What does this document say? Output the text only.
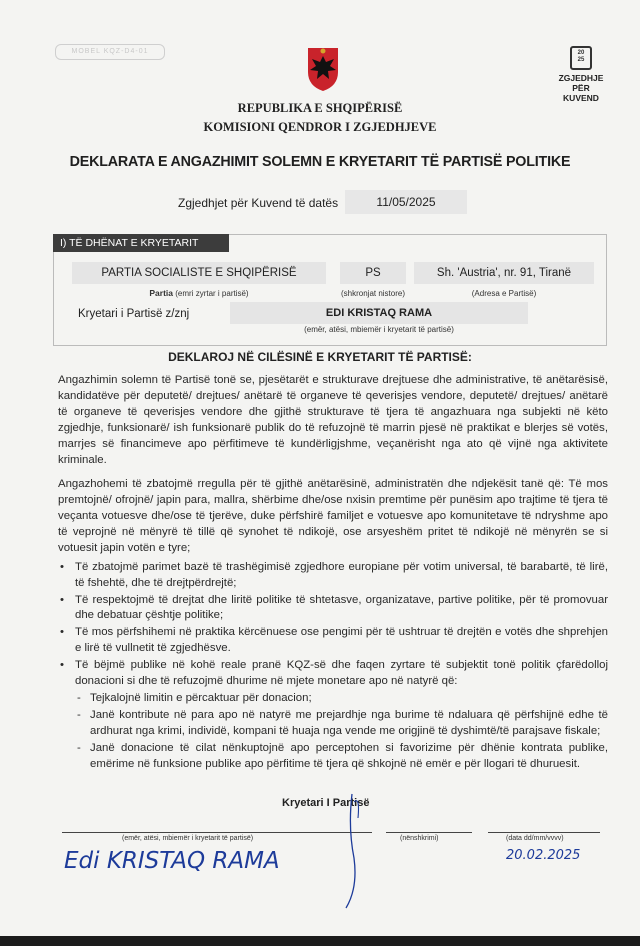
MOBEL KQZ-D4-01	20
25
ZGJEDHJE
PËR KUVEND
REPUBLIKA E SHQIPËRISË
KOMISIONI QENDROR I ZGJEDHJEVE
DEKLARATA E ANGAZHIMIT SOLEMN E KRYETARIT TË PARTISË POLITIKE
Zgjedhjet për Kuvend të datës	11/05/2025
I) TË DHËNAT E KRYETARIT
PARTIA SOCIALISTE E SHQIPËRISË	PS	Sh. 'Austria', nr. 91, Tiranë
Partia (emri zyrtar i partisë)	(shkronjat nistore)	(Adresa e Partisë)
Kryetari i Partisë z/znj	EDI KRISTAQ RAMA
(emër, atësi, mbiemër i kryetarit të partisë)
DEKLAROJ NË CILËSINË E KRYETARIT TË PARTISË:

Angazhimin solemn të Partisë tonë se, pjesëtarët e strukturave drejtuese dhe administrative, të anëtarësisë, kandidatëve për deputetë/ drejtues/ anëtarë të organeve të qeverisjes vendore, deputetë/ drejtues/ anëtarë të organeve të qeverisjes vendore dhe gjithë strukturave të tjera të angazhuara nga subjekti në këto zgjedhje, funksionarë/ ish funksionarë publik do të refuzojnë të marrin pjesë në praktikat e blerjes së votës, marrjes së financimeve apo përfitimeve të kundërligjshme, veçanërisht nga ato që vijnë nga aktivitete kriminale.

Angazhohemi të zbatojmë rregulla për të gjithë anëtarësinë, administratën dhe ndjekësit tanë që: Të mos premtojnë/ ofrojnë/ japin para, mallra, shërbime dhe/ose nxisin premtime për punësim apo trajtime të tjera të veçanta votuesve dhe/ose të tjerëve, duke përfshirë familjet e votuesve apo komunitetave të ndryshme apo të veprojnë në mënyrë të tillë që synohet të ndikojë, ose arsyeshëm pritet të ndikojë në mënyrën se si votuesit japin votën e tyre;

• Të zbatojmë parimet bazë të trashëgimisë zgjedhore europiane për votim universal, të barabartë, të lirë, të fshehtë, dhe të drejtpërdrejtë;
• Të respektojmë të drejtat dhe liritë politike të shtetasve, organizatave, partive politike, për të promovuar dhe debatuar çështje politike;
• Të mos përfshihemi në praktika kërcënuese ose pengimi për të ushtruar të drejtën e votës dhe shprehjen e lirë të vullnetit të zgjedhësve.
• Të bëjmë publike në kohë reale pranë KQZ-së dhe faqen zyrtare të subjektit tonë politik çfarëdolloj donacioni si dhe të refuzojmë dhurime në mjete monetare apo në natyrë që:
- Tejkalojnë limitin e përcaktuar për donacion;
- Janë kontribute në para apo në natyrë me prejardhje nga burime të ndaluara që përfshijnë edhe të ardhurat nga krimi, individë, kompani të huaja nga vende me origjinë të dyshimtë/të parajsave fiskale;
- Janë donacione të cilat nënkuptojnë apo perceptohen si favorizime për dhënie kontrata publike, emërime në funksione publike apo përfitime të tjera që shkojnë në emër e për llogari të dhuruesit.
Kryetari I Partisë
(emër, atësi, mbiemër i kryetarit të partisë)	(nënshkrimi)	(data dd/mm/vvvv)
Edi KRISTAQ RAMA	20.02.2025
